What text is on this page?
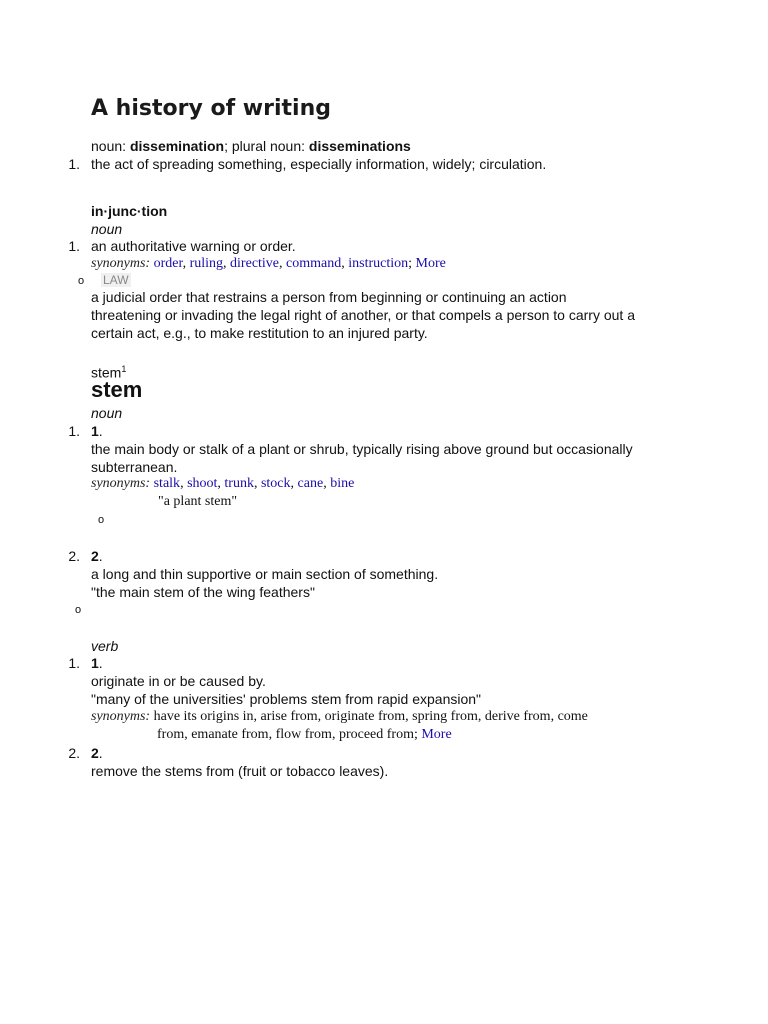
A history of writing
noun: dissemination; plural noun: disseminations
1. the act of spreading something, especially information, widely; circulation.
in·junc·tion
noun
1. an authoritative warning or order.
synonyms: order, ruling, directive, command, instruction; More
o LAW
a judicial order that restrains a person from beginning or continuing an action
threatening or invading the legal right of another, or that compels a person to carry out a
certain act, e.g., to make restitution to an injured party.
stem$^1$
stem
noun
1. 1.
the main body or stalk of a plant or shrub, typically rising above ground but occasionally
subterranean.
synonyms: stalk, shoot, trunk, stock, cane, bine
"a plant stem"
o
2. 2.
a long and thin supportive or main section of something.
"the main stem of the wing feathers"
o
verb
1. 1.
originate in or be caused by.
"many of the universities' problems stem from rapid expansion"
synonyms: have its origins in, arise from, originate from, spring from, derive from, come
from, emanate from, flow from, proceed from; More
2. 2.
remove the stems from (fruit or tobacco leaves).
